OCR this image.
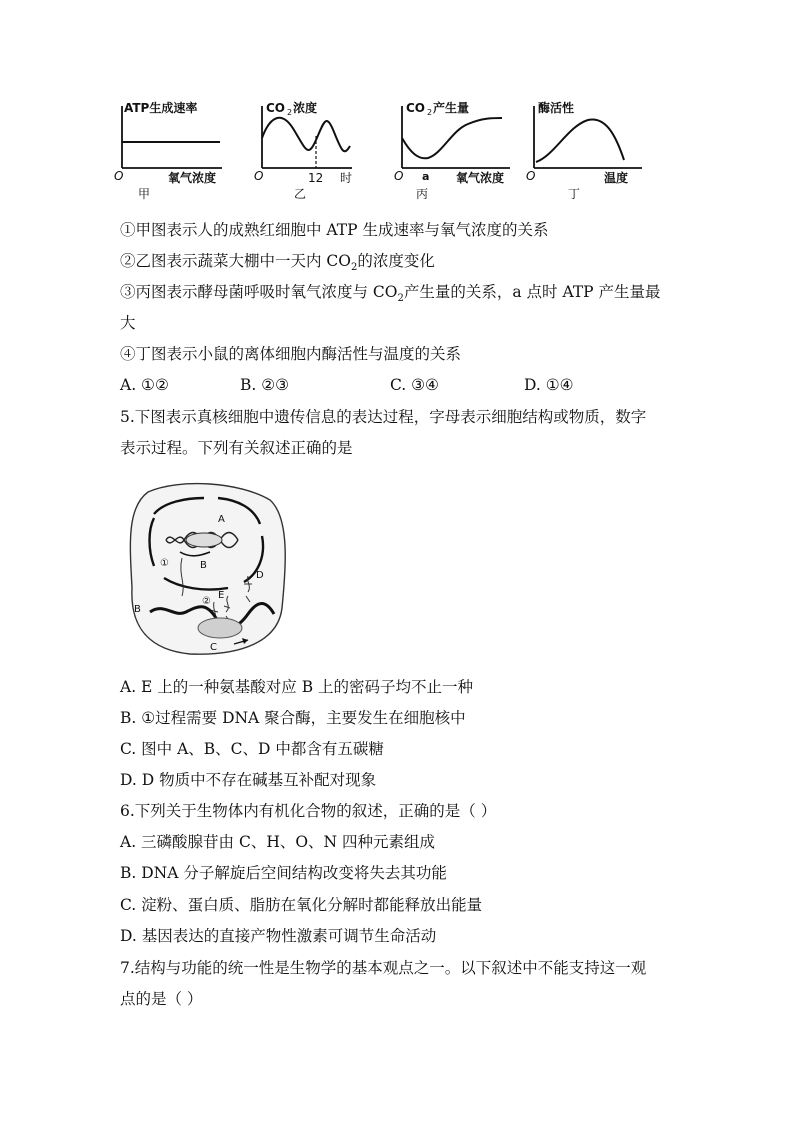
ATP生成速率
O	氧气浓度
甲
CO 2 浓度
O	12 时
乙
CO 2 产生量
O a 氧气浓度
丙
酶活性
O	温度
丁
①甲图表示人的成熟红细胞中 ATP 生成速率与氧气浓度的关系
②乙图表示蔬菜大棚中一天内 $CO_2$的浓度变化
③丙图表示酵母菌呼吸时氧气浓度与 $CO_2$产生量的关系，a 点时 ATP 产生量最
大
④丁图表示小鼠的离体细胞内酶活性与温度的关系
A. ①②	B. ②③	C. ③④	D. ①④
5.下图表示真核细胞中遗传信息的表达过程，字母表示细胞结构或物质，数字
表示过程。下列有关叙述正确的是
A
B
①
E
D
②
B
C
A. E 上的一种氨基酸对应 B 上的密码子均不止一种
B. ①过程需要 DNA 聚合酶，主要发生在细胞核中
C. 图中 A、B、C、D 中都含有五碳糖
D. D 物质中不存在碱基互补配对现象
6.下列关于生物体内有机化合物的叙述，正确的是（ ）
A. 三磷酸腺苷由 C、H、O、N 四种元素组成
B. DNA 分子解旋后空间结构改变将失去其功能
C. 淀粉、蛋白质、脂肪在氧化分解时都能释放出能量
D. 基因表达的直接产物性激素可调节生命活动
7.结构与功能的统一性是生物学的基本观点之一。以下叙述中不能支持这一观
点的是（ ）
